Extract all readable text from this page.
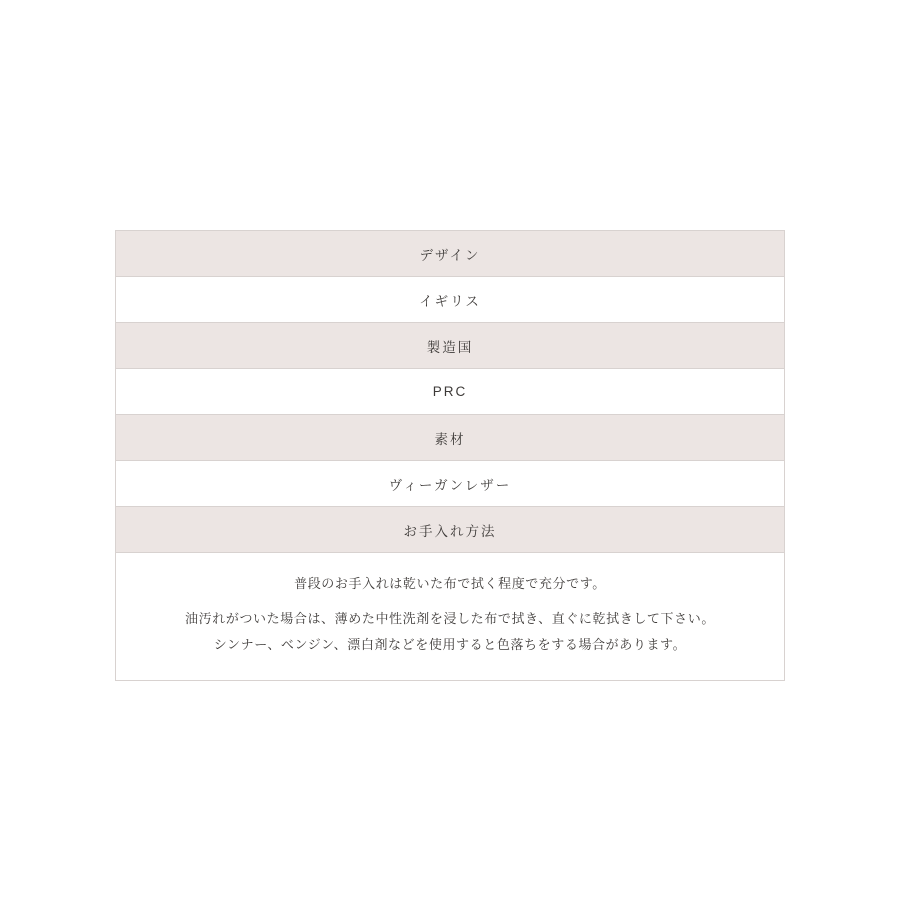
デザイン
イギリス
製造国
PRC
素材
ヴィーガンレザー
お手入れ方法

普段のお手入れは乾いた布で拭く程度で充分です。
油汚れがついた場合は、薄めた中性洗剤を浸した布で拭き、直ぐに乾拭きして下さい。
シンナー、ベンジン、漂白剤などを使用すると色落ちをする場合があります。
